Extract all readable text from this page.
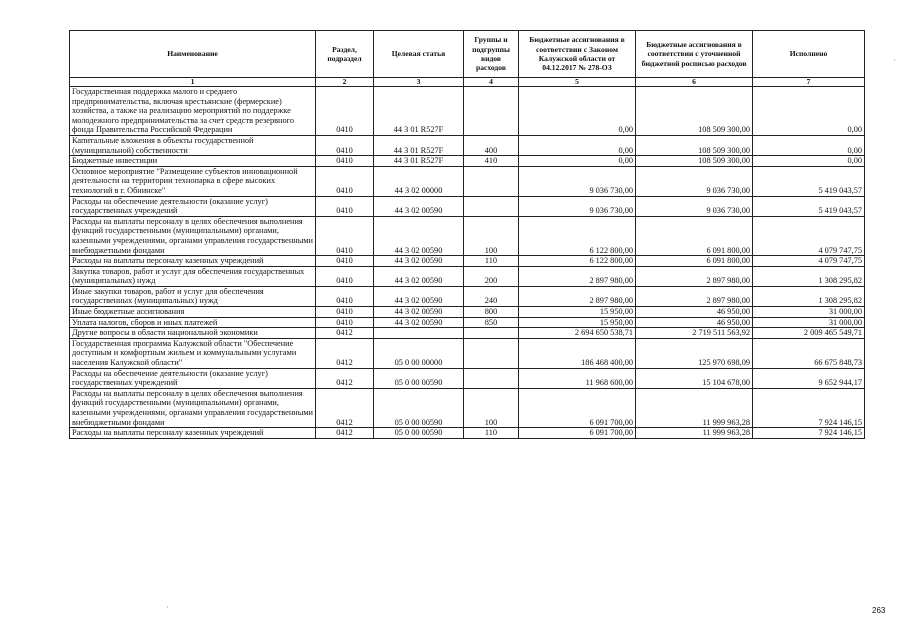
Наименование	Раздел, подраздел	Целевая статья	Группы и подгруппы видов расходов	Бюджетные ассигнования в соответствии с Законом Калужской области от 04.12.2017 № 278-ОЗ	Бюджетные ассигнования в соответствии с уточненной бюджетной росписью расходов	Исполнено
1	2	3	4	5	6	7
Государственная поддержка малого и среднего предпринимательства, включая крестьянские (фермерские) хозяйства, а также на реализацию мероприятий по поддержке молодежного предпринимательства за счет средств резервного фонда Правительства Российской Федерации	0410	44 3 01 R527F		0,00	108 509 300,00	0,00
Капитальные вложения в объекты государственной (муниципальной) собственности	0410	44 3 01 R527F	400	0,00	108 509 300,00	0,00
Бюджетные инвестиции	0410	44 3 01 R527F	410	0,00	108 509 300,00	0,00
Основное мероприятие "Размещение субъектов инновационной деятельности на территории технопарка в сфере высоких технологий в г. Обнинске"	0410	44 3 02 00000		9 036 730,00	9 036 730,00	5 419 043,57
Расходы на обеспечение деятельности (оказание услуг) государственных учреждений	0410	44 3 02 00590		9 036 730,00	9 036 730,00	5 419 043,57
Расходы на выплаты персоналу в целях обеспечения выполнения функций государственными (муниципальными) органами, казенными учреждениями, органами управления государственными внебюджетными фондами	0410	44 3 02 00590	100	6 122 800,00	6 091 800,00	4 079 747,75
Расходы на выплаты персоналу казенных учреждений	0410	44 3 02 00590	110	6 122 800,00	6 091 800,00	4 079 747,75
Закупка товаров, работ и услуг для обеспечения государственных (муниципальных) нужд	0410	44 3 02 00590	200	2 897 980,00	2 897 980,00	1 308 295,82
Иные закупки товаров, работ и услуг для обеспечения государственных (муниципальных) нужд	0410	44 3 02 00590	240	2 897 980,00	2 897 980,00	1 308 295,82
Иные бюджетные ассигнования	0410	44 3 02 00590	800	15 950,00	46 950,00	31 000,00
Уплата налогов, сборов и иных платежей	0410	44 3 02 00590	850	15 950,00	46 950,00	31 000,00
Другие вопросы в области национальной экономики	0412			2 694 650 538,71	2 719 511 563,92	2 009 465 549,71
Государственная программа Калужской области "Обеспечение доступным и комфортным жильем и коммунальными услугами населения Калужской области"	0412	05 0 00 00000		186 468 400,00	125 970 698,09	66 675 848,73
Расходы на обеспечение деятельности (оказание услуг) государственных учреждений	0412	05 0 00 00590		11 968 600,00	15 104 678,00	9 652 944,17
Расходы на выплаты персоналу в целях обеспечения выполнения функций государственными (муниципальными) органами, казенными учреждениями, органами управления государственными внебюджетными фондами	0412	05 0 00 00590	100	6 091 700,00	11 999 963,28	7 924 146,15
Расходы на выплаты персоналу казенных учреждений	0412	05 0 00 00590	110	6 091 700,00	11 999 963,28	7 924 146,15
263
·
·
